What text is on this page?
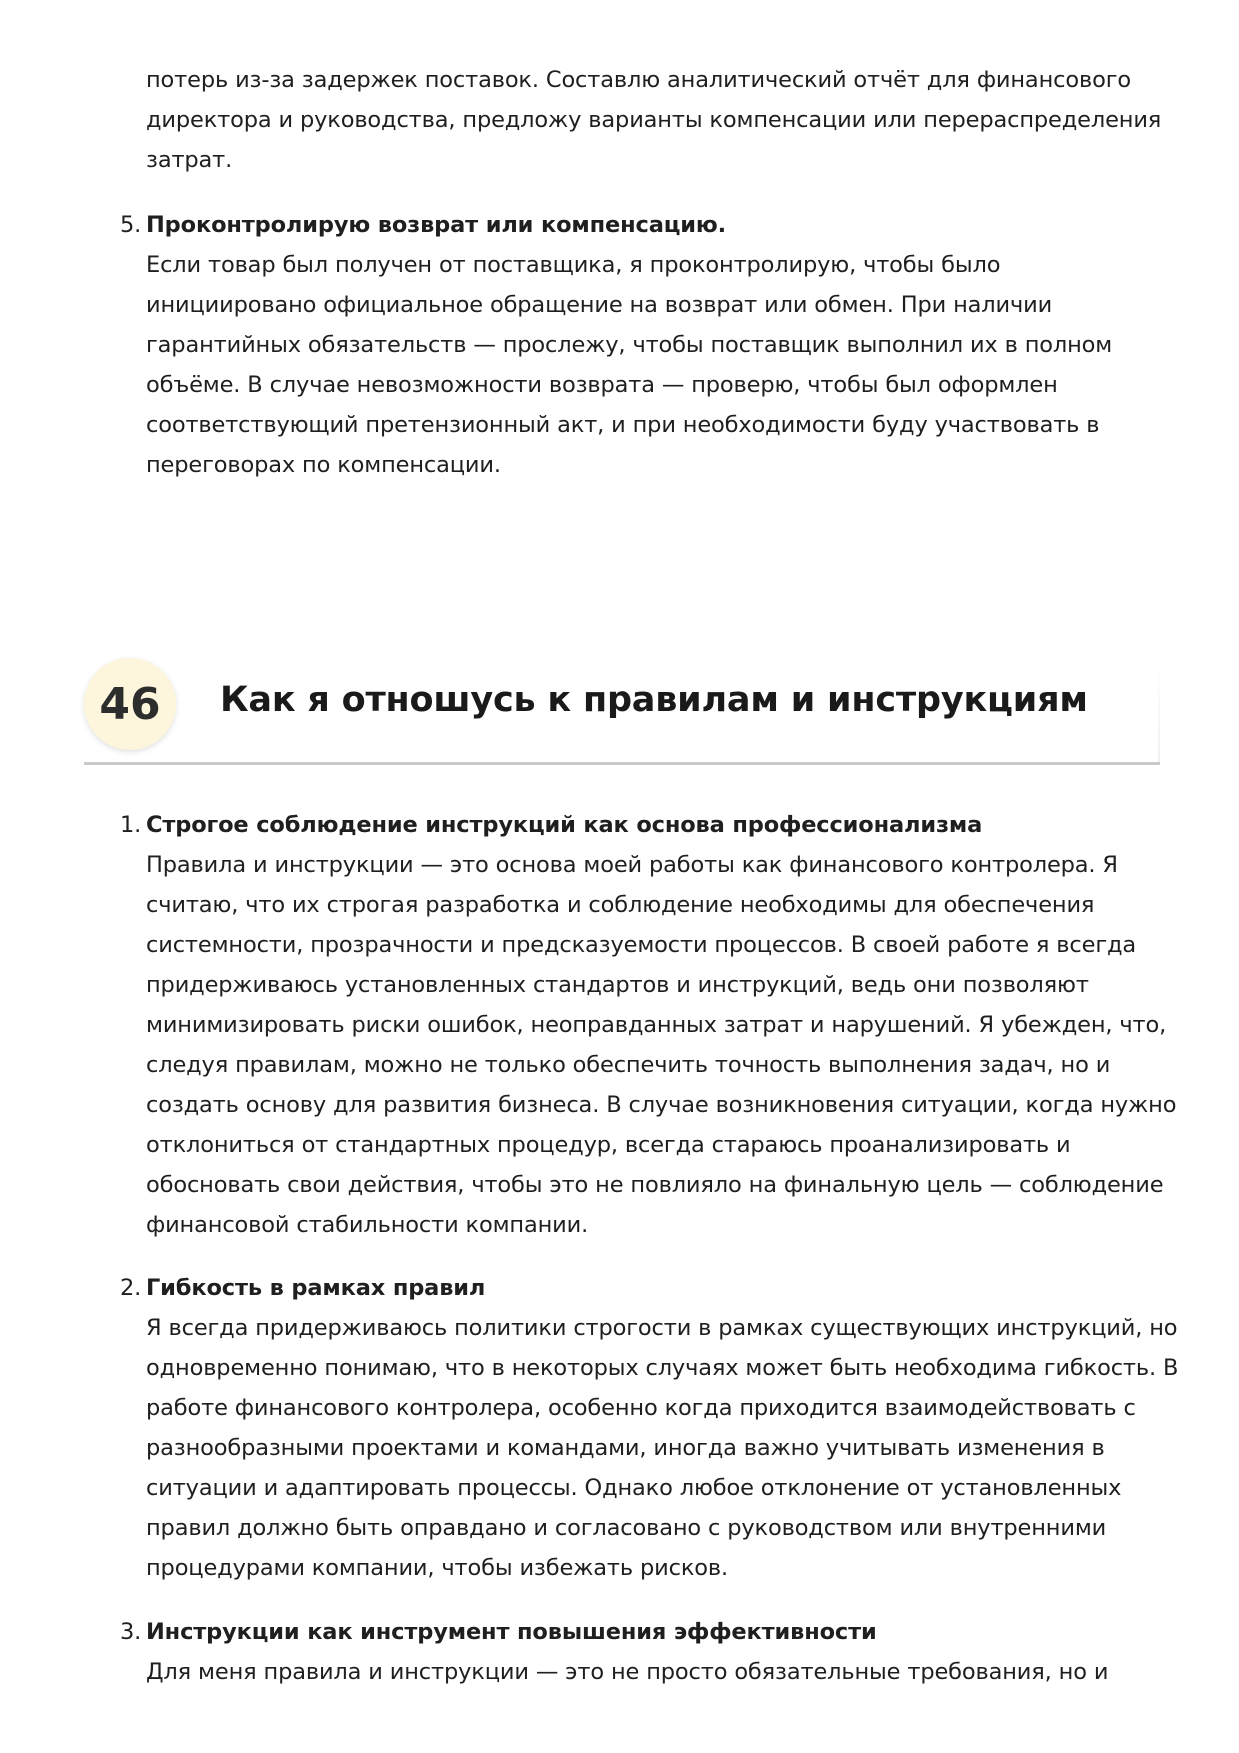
потерь из-за задержек поставок. Составлю аналитический отчёт для финансового
директора и руководства, предложу варианты компенсации или перераспределения
затрат.
5. Проконтролирую возврат или компенсацию.
Если товар был получен от поставщика, я проконтролирую, чтобы было
инициировано официальное обращение на возврат или обмен. При наличии
гарантийных обязательств — прослежу, чтобы поставщик выполнил их в полном
объёме. В случае невозможности возврата — проверю, чтобы был оформлен
соответствующий претензионный акт, и при необходимости буду участвовать в
переговорах по компенсации.
46	Как я отношусь к правилам и инструкциям
1. Строгое соблюдение инструкций как основа профессионализма
Правила и инструкции — это основа моей работы как финансового контролера. Я
считаю, что их строгая разработка и соблюдение необходимы для обеспечения
системности, прозрачности и предсказуемости процессов. В своей работе я всегда
придерживаюсь установленных стандартов и инструкций, ведь они позволяют
минимизировать риски ошибок, неоправданных затрат и нарушений. Я убежден, что,
следуя правилам, можно не только обеспечить точность выполнения задач, но и
создать основу для развития бизнеса. В случае возникновения ситуации, когда нужно
отклониться от стандартных процедур, всегда стараюсь проанализировать и
обосновать свои действия, чтобы это не повлияло на финальную цель — соблюдение
финансовой стабильности компании.
2. Гибкость в рамках правил
Я всегда придерживаюсь политики строгости в рамках существующих инструкций, но
одновременно понимаю, что в некоторых случаях может быть необходима гибкость. В
работе финансового контролера, особенно когда приходится взаимодействовать с
разнообразными проектами и командами, иногда важно учитывать изменения в
ситуации и адаптировать процессы. Однако любое отклонение от установленных
правил должно быть оправдано и согласовано с руководством или внутренними
процедурами компании, чтобы избежать рисков.
3. Инструкции как инструмент повышения эффективности
Для меня правила и инструкции — это не просто обязательные требования, но и
